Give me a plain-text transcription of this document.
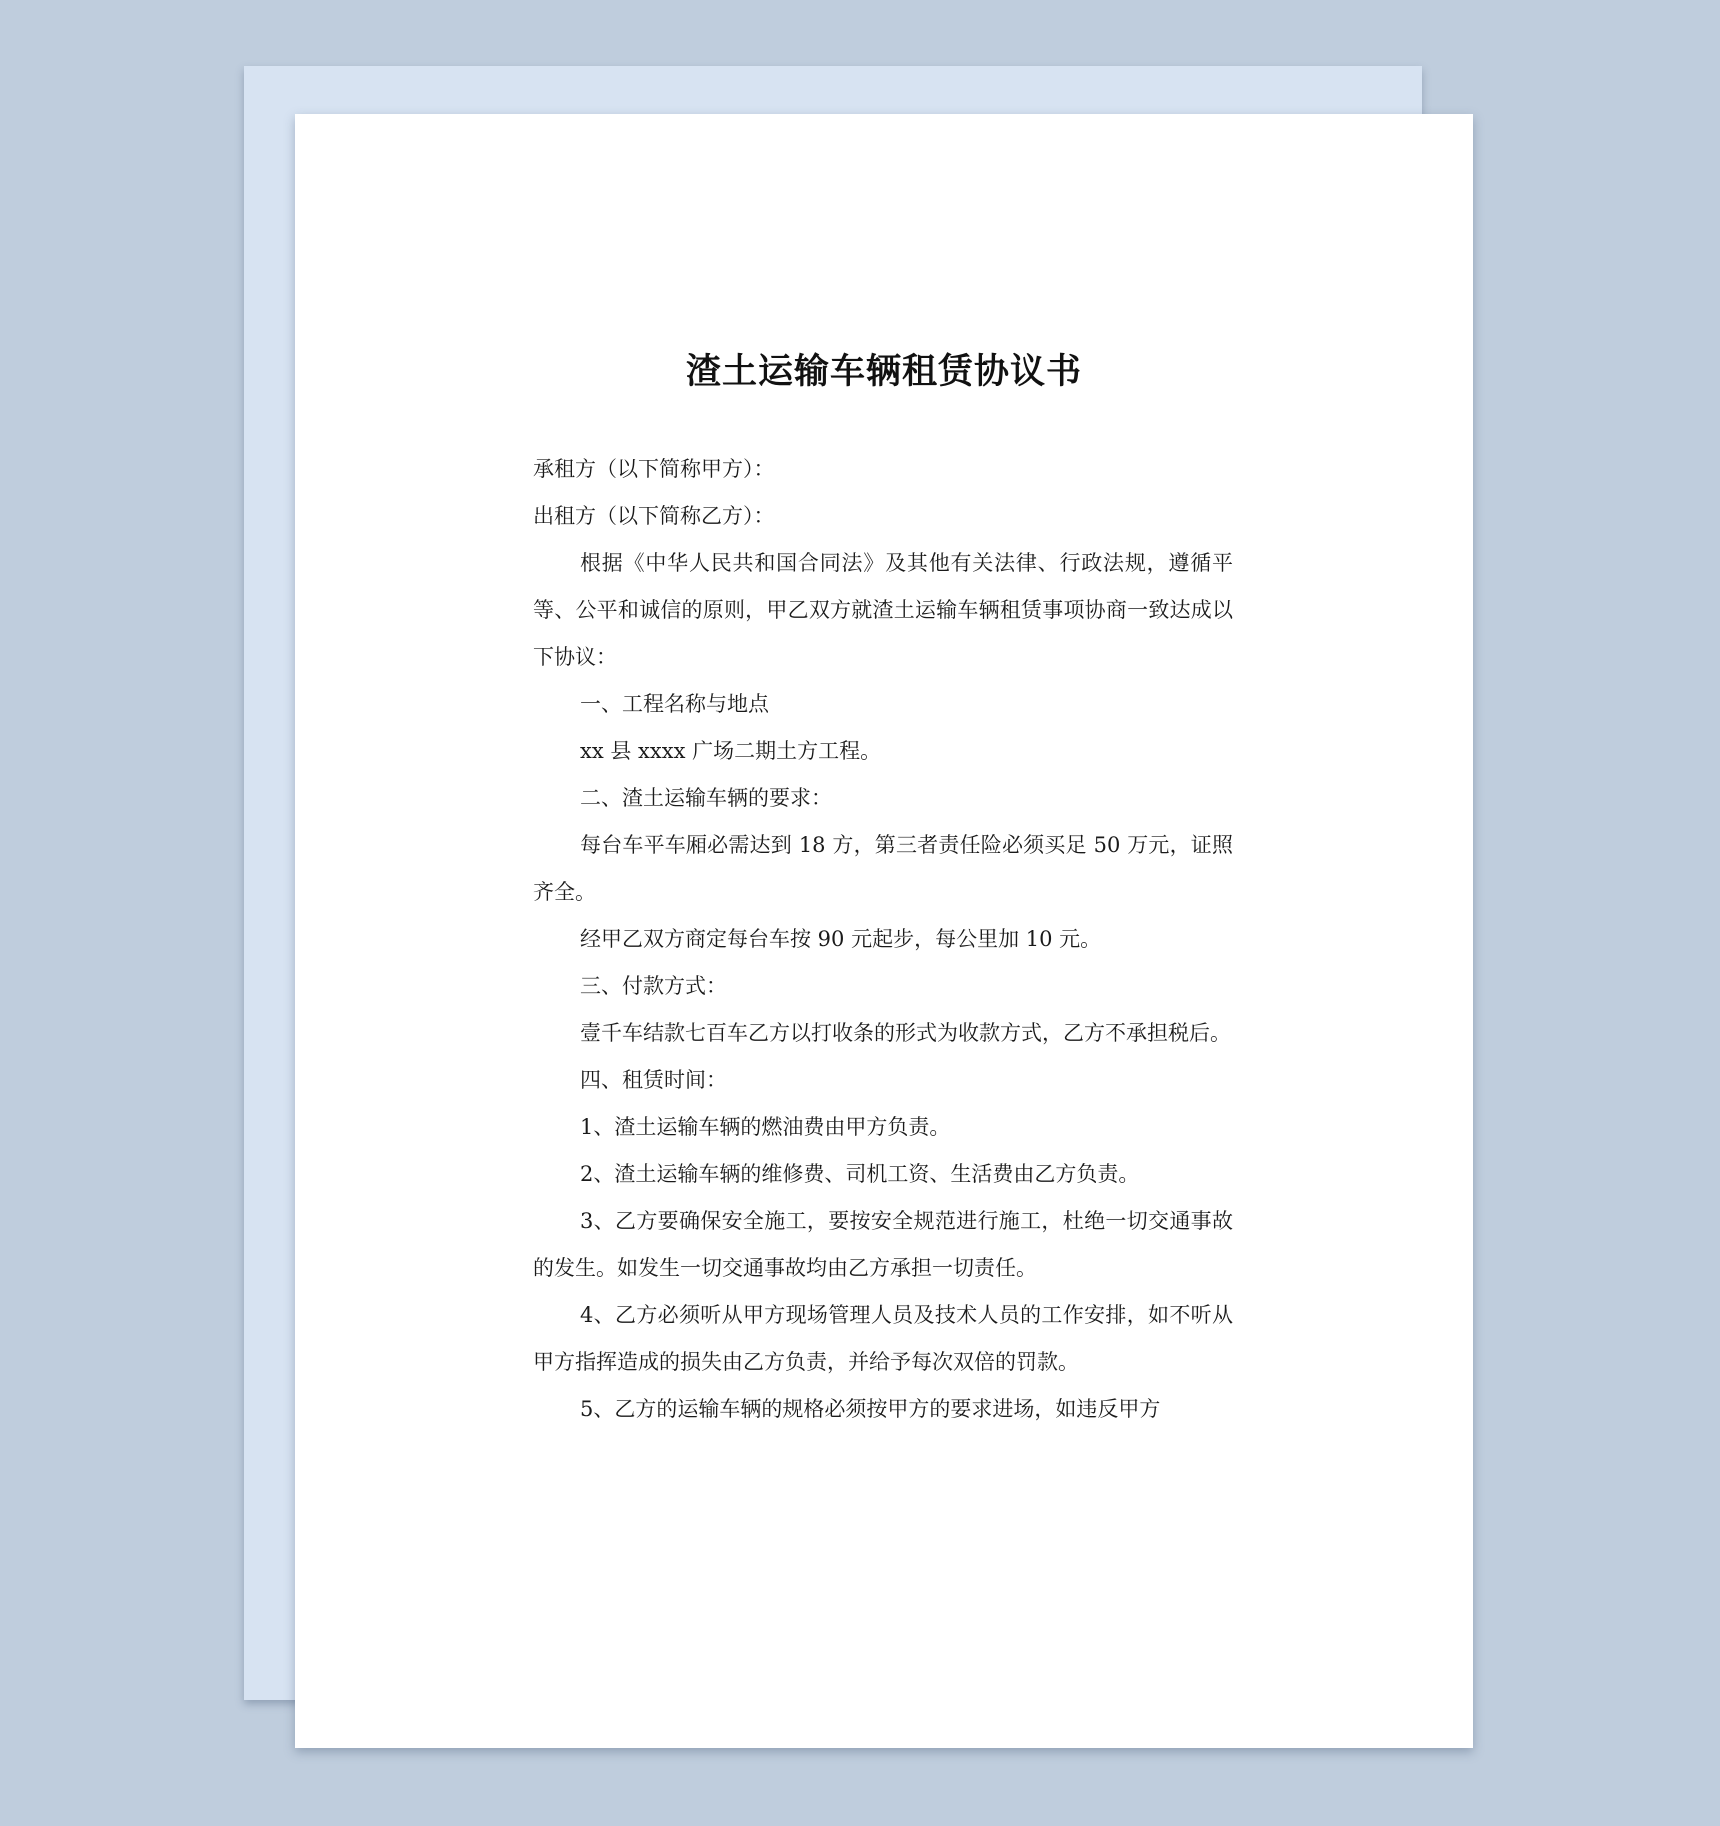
渣土运输车辆租赁协议书

承租方（以下简称甲方）：

出租方（以下简称乙方）：

根据《中华人民共和国合同法》及其他有关法律、行政法规，遵循平等、公平和诚信的原则，甲乙双方就渣土运输车辆租赁事项协商一致达成以下协议：

一、工程名称与地点

xx 县 xxxx 广场二期土方工程。

二、渣土运输车辆的要求：

每台车平车厢必需达到 18 方，第三者责任险必须买足 50 万元，证照齐全。

经甲乙双方商定每台车按 90 元起步，每公里加 10 元。

三、付款方式：

壹千车结款七百车乙方以打收条的形式为收款方式，乙方不承担税后。

四、租赁时间：

1、渣土运输车辆的燃油费由甲方负责。

2、渣土运输车辆的维修费、司机工资、生活费由乙方负责。

3、乙方要确保安全施工，要按安全规范进行施工，杜绝一切交通事故的发生。如发生一切交通事故均由乙方承担一切责任。

4、乙方必须听从甲方现场管理人员及技术人员的工作安排，如不听从甲方指挥造成的损失由乙方负责，并给予每次双倍的罚款。

5、乙方的运输车辆的规格必须按甲方的要求进场，如违反甲方
